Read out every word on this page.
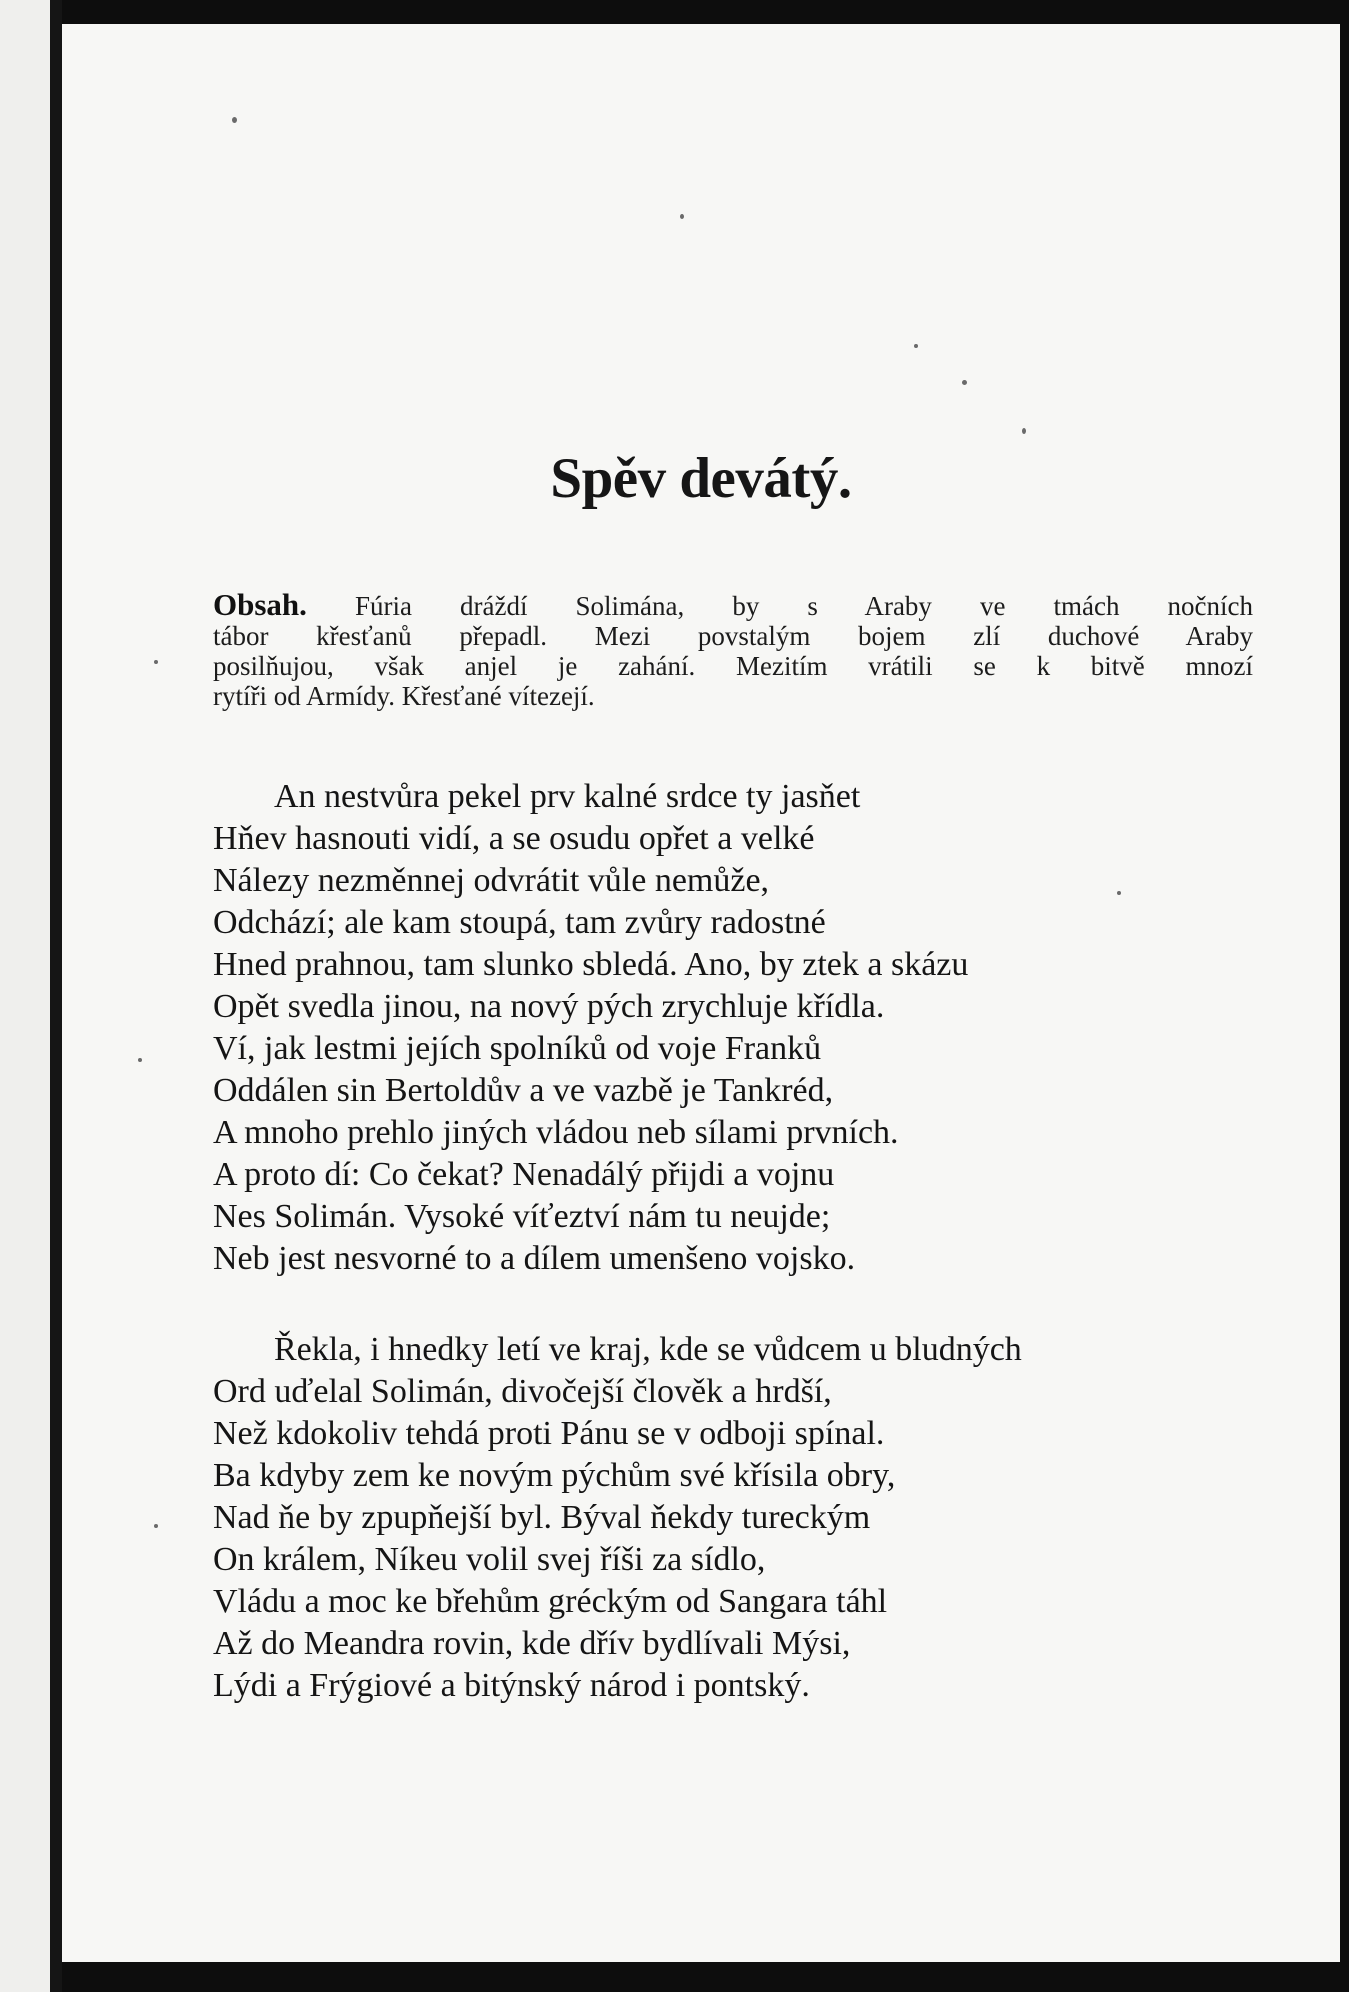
Spěv devátý.

Obsah. Fúria dráždí Solimána, by s Araby ve tmách nočních
tábor křesťanů přepadl. Mezi povstalým bojem zlí duchové Araby
posilňujou, však anjel je zahání. Mezitím vrátili se k bitvě mnozí
rytíři od Armídy. Křesťané vítezejí.

An nestvůra pekel prv kalné srdce ty jasňet
Hňev hasnouti vidí, a se osudu opřet a velké
Nálezy nezměnnej odvrátit vůle nemůže,
Odchází; ale kam stoupá, tam zvůry radostné
Hned prahnou, tam slunko sbledá. Ano, by ztek a skázu
Opět svedla jinou, na nový pých zrychluje křídla.
Ví, jak lestmi jejích spolníků od voje Franků
Oddálen sin Bertoldův a ve vazbě je Tankréd,
A mnoho prehlo jiných vládou neb sílami prvních.
A proto dí: Co čekat? Nenadálý přijdi a vojnu
Nes Solimán. Vysoké víťeztví nám tu neujde;
Neb jest nesvorné to a dílem umenšeno vojsko.
Řekla, i hnedky letí ve kraj, kde se vůdcem u bludných
Ord uďelal Solimán, divočejší člověk a hrdší,
Než kdokoliv tehdá proti Pánu se v odboji spínal.
Ba kdyby zem ke novým pýchům své křísila obry,
Nad ňe by zpupňejší byl. Býval ňekdy tureckým
On králem, Níkeu volil svej říši za sídlo,
Vládu a moc ke břehům gréckým od Sangara táhl
Až do Meandra rovin, kde dřív bydlívali Mýsi,
Lýdi a Frýgiové a bitýnský národ i pontský.
